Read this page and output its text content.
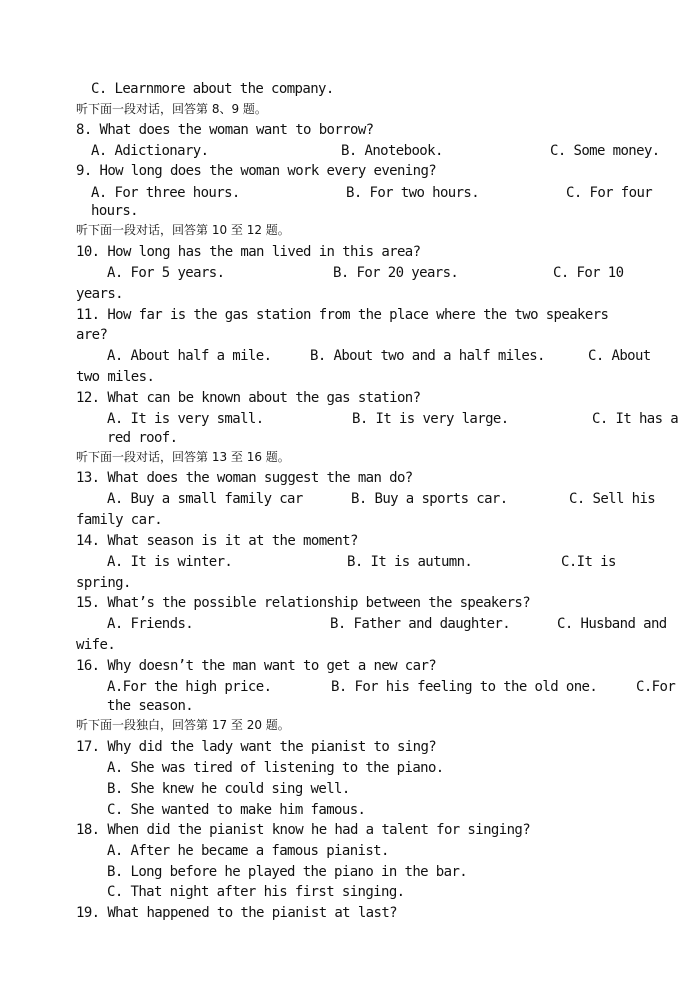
C. Learnmore about the company.
听下面一段对话，回答第 8、9 题。
8. What does the woman want to borrow?
A. Adictionary.	B. Anotebook.	C. Some money.
9. How long does the woman work every evening?
A. For three hours.	B. For two hours.	C. For four
hours.
听下面一段对话，回答第 10 至 12 题。
10. How long has the man lived in this area?
A. For 5 years.	B. For 20 years.	C. For 10
years.
11. How far is the gas station from the place where the two speakers
are?
A. About half a mile.	B. About two and a half miles.	C. About
two miles.
12. What can be known about the gas station?
A. It is very small.	B. It is very large.	C. It has a
red roof.
听下面一段对话，回答第 13 至 16 题。
13. What does the woman suggest the man do?
A. Buy a small family car	B. Buy a sports car.	C. Sell his
family car.
14. What season is it at the moment?
A. It is winter.	B. It is autumn.	C.It is
spring.
15. What’s the possible relationship between the speakers?
A. Friends.	B. Father and daughter.	C. Husband and
wife.
16. Why doesn’t the man want to get a new car?
A.For the high price.	B. For his feeling to the old one.	C.For
the season.
听下面一段独白，回答第 17 至 20 题。
17. Why did the lady want the pianist to sing?
A. She was tired of listening to the piano.
B. She knew he could sing well.
C. She wanted to make him famous.
18. When did the pianist know he had a talent for singing?
A. After he became a famous pianist.
B. Long before he played the piano in the bar.
C. That night after his first singing.
19. What happened to the pianist at last?
